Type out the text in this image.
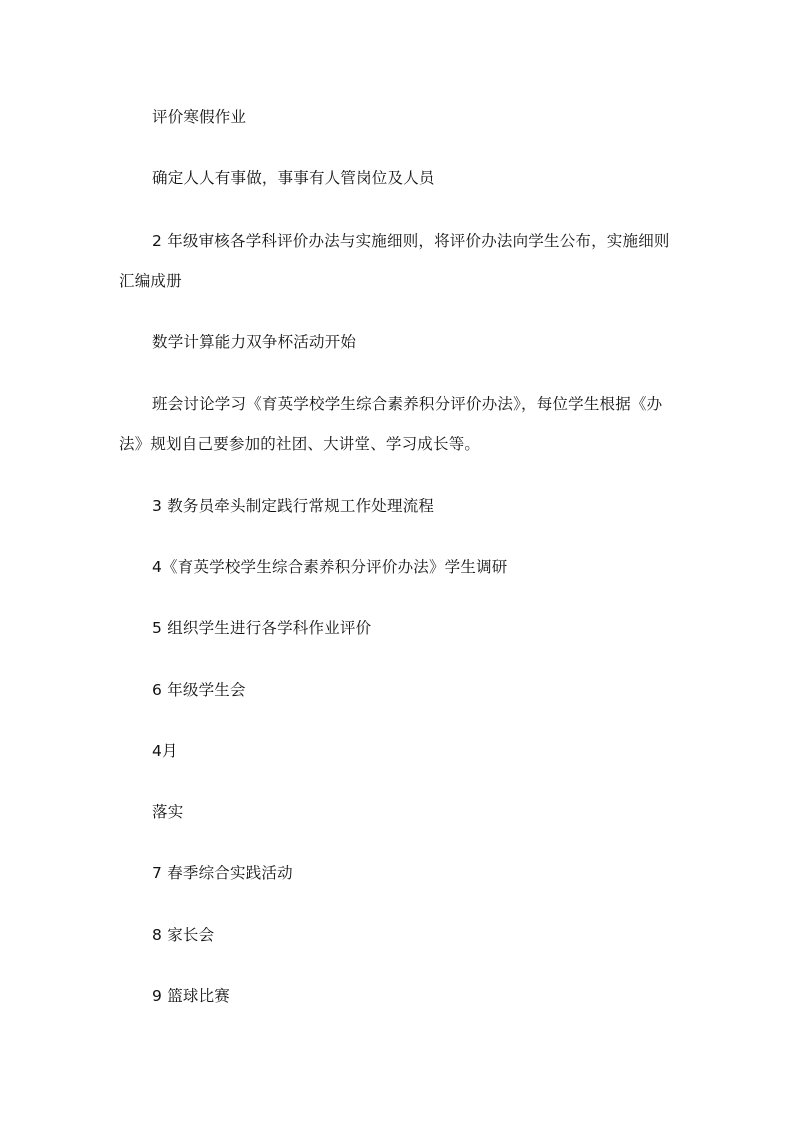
评价寒假作业

确定人人有事做，事事有人管岗位及人员

2 年级审核各学科评价办法与实施细则，将评价办法向学生公布，实施细则汇编成册

数学计算能力双争杯活动开始

班会讨论学习《育英学校学生综合素养积分评价办法》，每位学生根据《办法》规划自己要参加的社团、大讲堂、学习成长等。

3 教务员牵头制定践行常规工作处理流程

4《育英学校学生综合素养积分评价办法》学生调研

5 组织学生进行各学科作业评价

6 年级学生会

4月

落实

7 春季综合实践活动

8 家长会

9 篮球比赛
